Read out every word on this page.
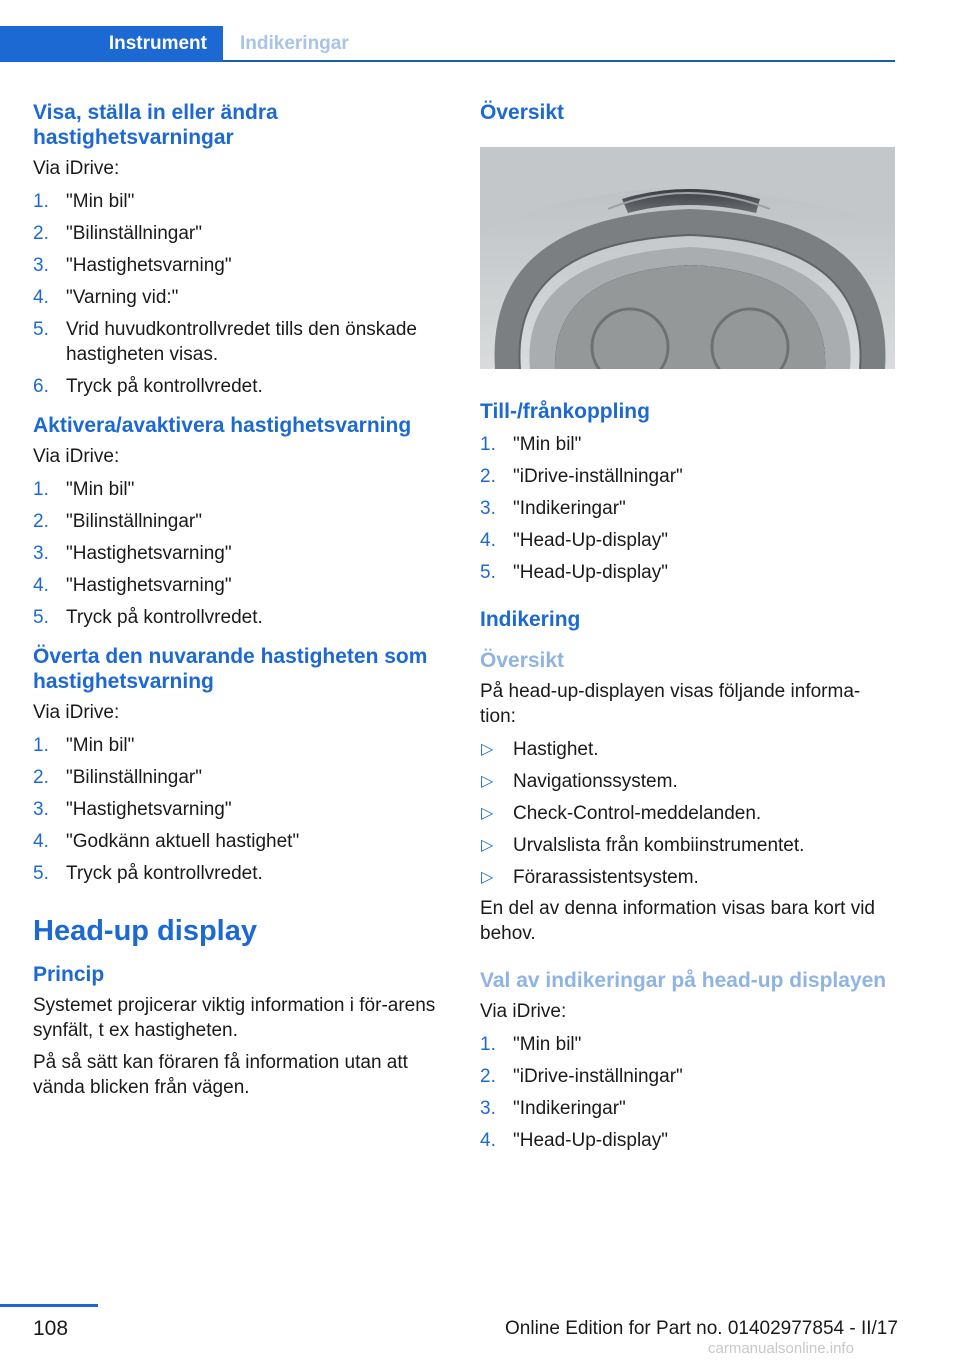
Instrument	Indikeringar
Visa, ställa in eller ändra hastighetsvarningar

Via iDrive:

1. "Min bil"
2. "Bilinställningar"
3. "Hastighetsvarning"
4. "Varning vid:"
5. Vrid huvudkontrollvredet tills den önskade hastigheten visas.
6. Tryck på kontrollvredet.
Aktivera/avaktivera hastighetsvarning

Via iDrive:

1. "Min bil"
2. "Bilinställningar"
3. "Hastighetsvarning"
4. "Hastighetsvarning"
5. Tryck på kontrollvredet.
Överta den nuvarande hastigheten som hastighetsvarning

Via iDrive:

1. "Min bil"
2. "Bilinställningar"
3. "Hastighetsvarning"
4. "Godkänn aktuell hastighet"
5. Tryck på kontrollvredet.
Head-up display
Princip

Systemet projicerar viktig information i för-arens synfält, t ex hastigheten.

På så sätt kan föraren få information utan att vända blicken från vägen.

Översikt
Till-/frånkoppling
1. "Min bil"
2. "iDrive-inställningar"
3. "Indikeringar"
4. "Head-Up-display"
5. "Head-Up-display"
Indikering
Översikt

På head-up-displayen visas följande informa-tion:

▷ Hastighet.
▷ Navigationssystem.
▷ Check-Control-meddelanden.
▷ Urvalslista från kombiinstrumentet.
▷ Förarassistentsystem.

En del av denna information visas bara kort vid behov.

Val av indikeringar på head-up displayen

Via iDrive:

1. "Min bil"
2. "iDrive-inställningar"
3. "Indikeringar"
4. "Head-Up-display"
108	Online Edition for Part no. 01402977854 - II/17
carmanualsonline.info
